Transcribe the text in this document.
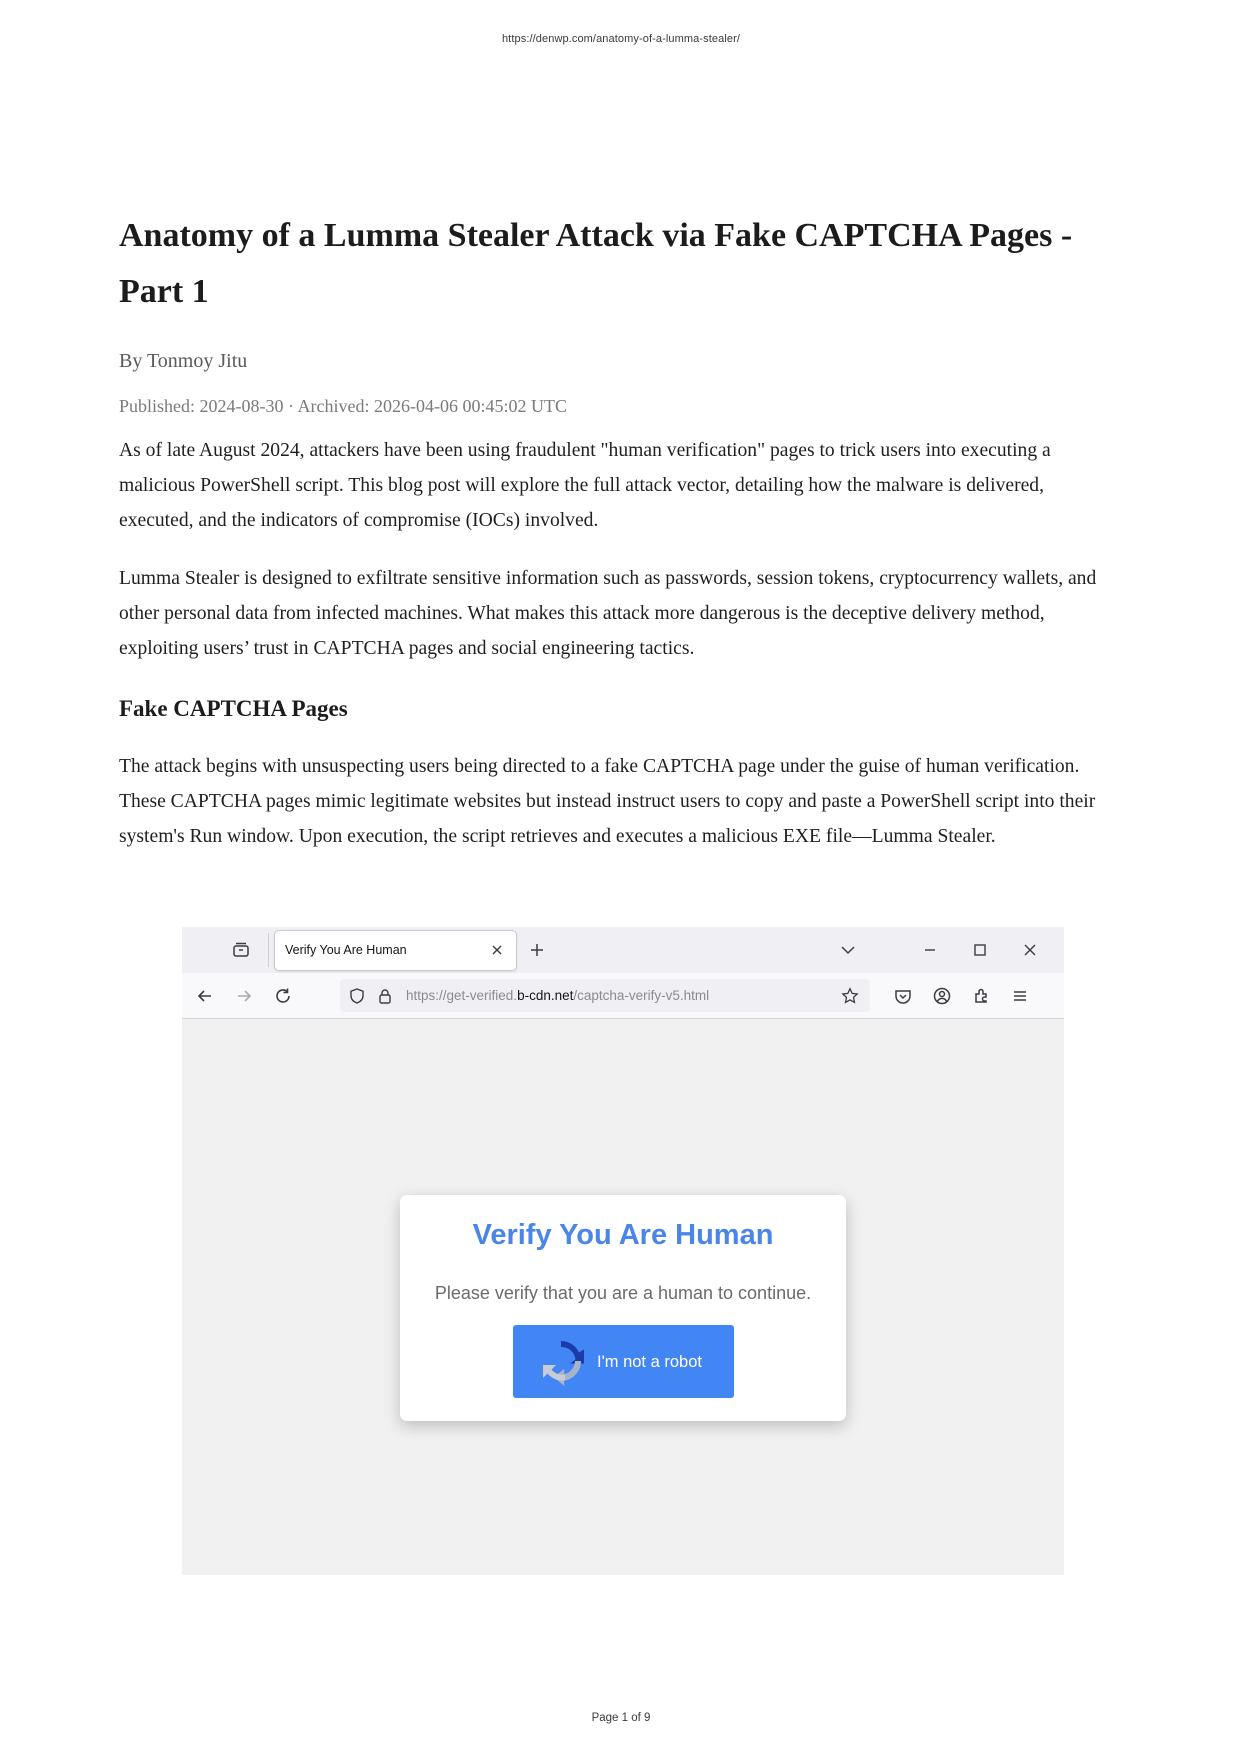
https://denwp.com/anatomy-of-a-lumma-stealer/
Anatomy of a Lumma Stealer Attack via Fake CAPTCHA Pages - Part 1

By Tonmoy Jitu

Published: 2024-08-30 · Archived: 2026-04-06 00:45:02 UTC

As of late August 2024, attackers have been using fraudulent "human verification" pages to trick users into executing a malicious PowerShell script. This blog post will explore the full attack vector, detailing how the malware is delivered, executed, and the indicators of compromise (IOCs) involved.

Lumma Stealer is designed to exfiltrate sensitive information such as passwords, session tokens, cryptocurrency wallets, and other personal data from infected machines. What makes this attack more dangerous is the deceptive delivery method, exploiting users’ trust in CAPTCHA pages and social engineering tactics.

Fake CAPTCHA Pages

The attack begins with unsuspecting users being directed to a fake CAPTCHA page under the guise of human verification. These CAPTCHA pages mimic legitimate websites but instead instruct users to copy and paste a PowerShell script into their system's Run window. Upon execution, the script retrieves and executes a malicious EXE file—Lumma Stealer.

Verify You Are Human
https://get-verified.b-cdn.net/captcha-verify-v5.html
Verify You Are Human
Please verify that you are a human to continue.
I'm not a robot
Page 1 of 9
